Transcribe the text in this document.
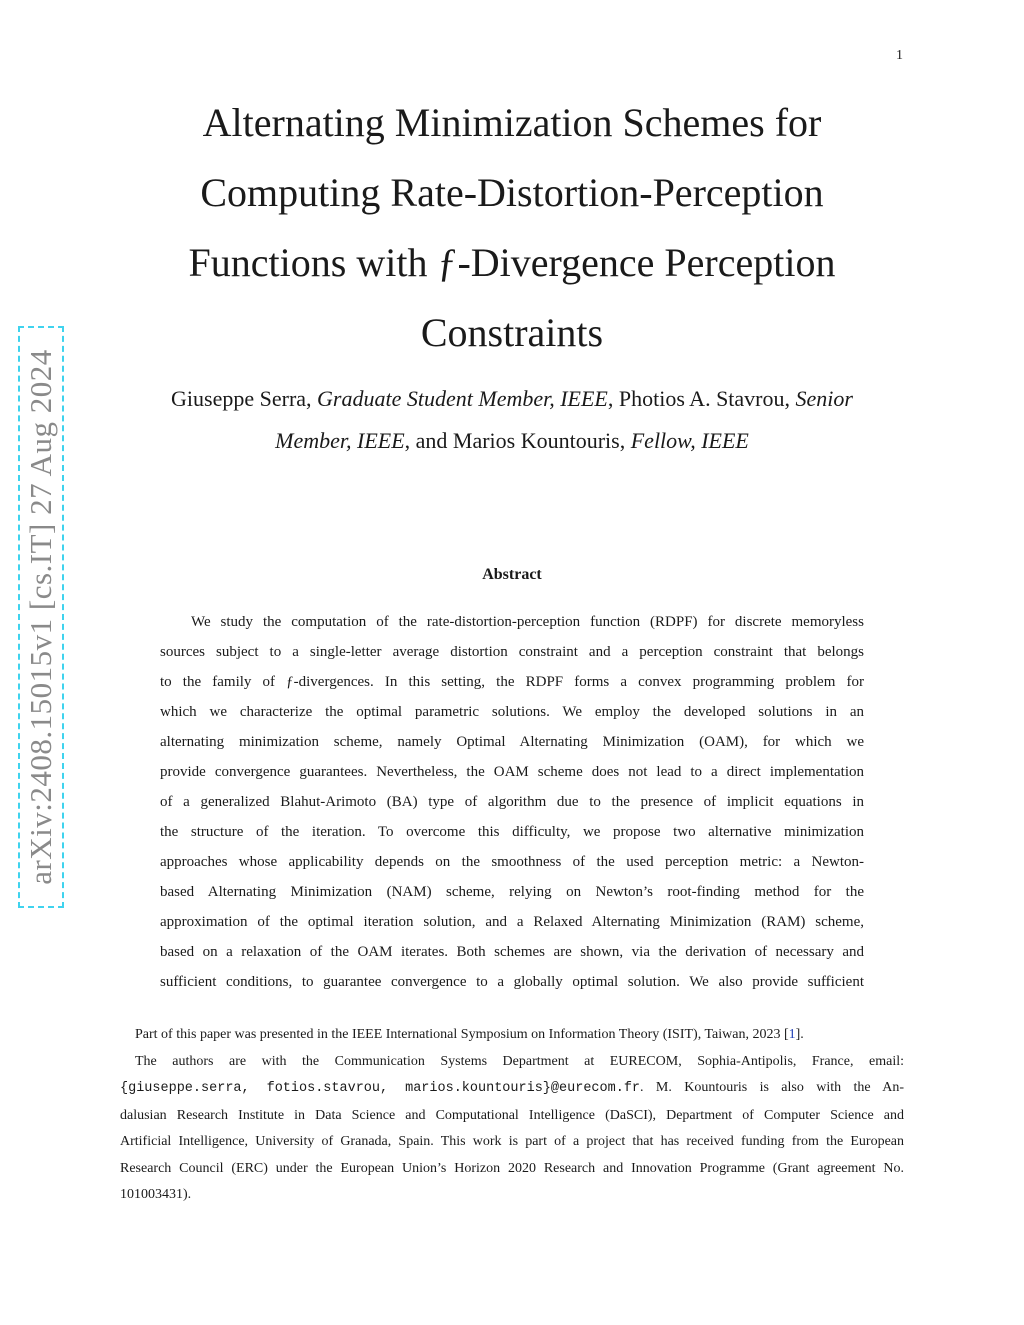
1
arXiv:2408.15015v1 [cs.IT] 27 Aug 2024
Alternating Minimization Schemes for
Computing Rate-Distortion-Perception
Functions with ƒ-Divergence Perception
Constraints
Giuseppe Serra, Graduate Student Member, IEEE, Photios A. Stavrou, Senior
Member, IEEE, and Marios Kountouris, Fellow, IEEE
Abstract
We study the computation of the rate-distortion-perception function (RDPF) for discrete memoryless
sources subject to a single-letter average distortion constraint and a perception constraint that belongs
to the family of ƒ-divergences. In this setting, the RDPF forms a convex programming problem for
which we characterize the optimal parametric solutions. We employ the developed solutions in an
alternating minimization scheme, namely Optimal Alternating Minimization (OAM), for which we
provide convergence guarantees. Nevertheless, the OAM scheme does not lead to a direct implementation
of a generalized Blahut-Arimoto (BA) type of algorithm due to the presence of implicit equations in
the structure of the iteration. To overcome this difficulty, we propose two alternative minimization
approaches whose applicability depends on the smoothness of the used perception metric: a Newton-
based Alternating Minimization (NAM) scheme, relying on Newton’s root-finding method for the
approximation of the optimal iteration solution, and a Relaxed Alternating Minimization (RAM) scheme,
based on a relaxation of the OAM iterates. Both schemes are shown, via the derivation of necessary and
sufficient conditions, to guarantee convergence to a globally optimal solution. We also provide sufficient
Part of this paper was presented in the IEEE International Symposium on Information Theory (ISIT), Taiwan, 2023 [1].
The authors are with the Communication Systems Department at EURECOM, Sophia-Antipolis, France, email:
{giuseppe.serra, fotios.stavrou, marios.kountouris}@eurecom.fr. M. Kountouris is also with the An-
dalusian Research Institute in Data Science and Computational Intelligence (DaSCI), Department of Computer Science and
Artificial Intelligence, University of Granada, Spain. This work is part of a project that has received funding from the European
Research Council (ERC) under the European Union’s Horizon 2020 Research and Innovation Programme (Grant agreement No.
101003431).
